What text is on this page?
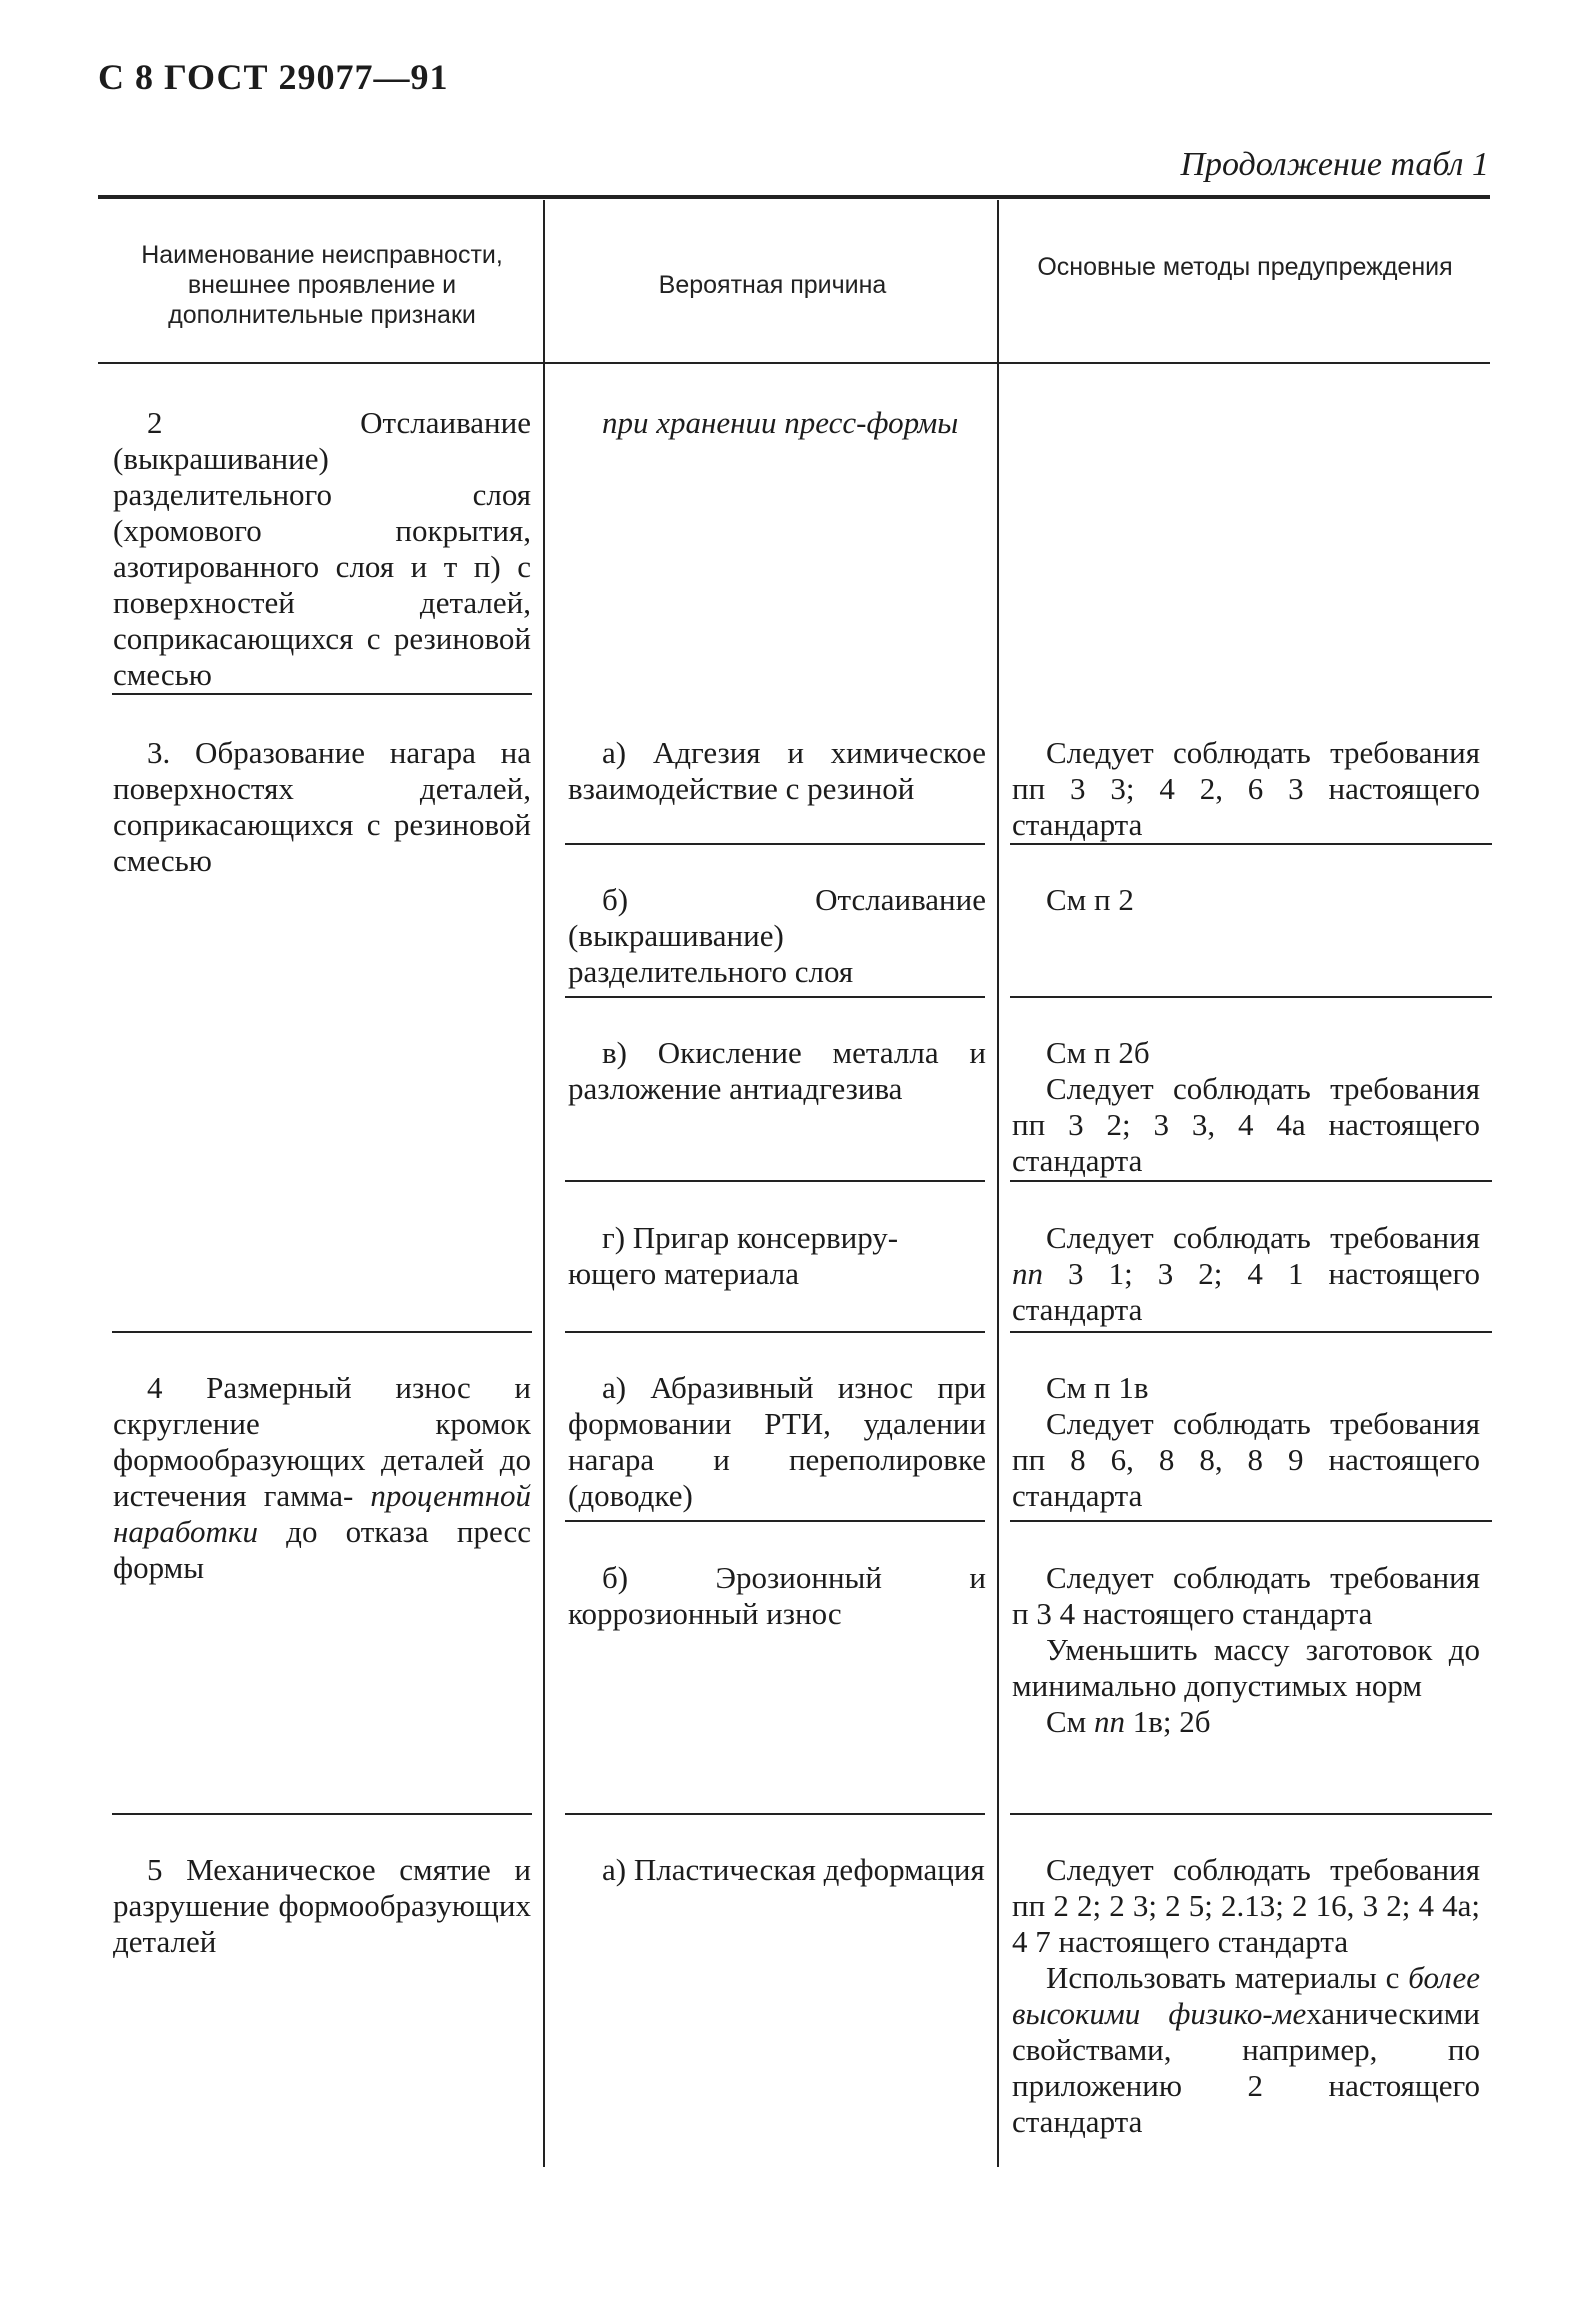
С 8 ГОСТ 29077—91
Продолжение табл 1
Наименование неисправности, внешнее проявление и дополнительные признаки
Вероятная причина
Основные методы предупреждения
2 Отслаивание (выкрашивание) разделительного слоя (хромового покрытия, азотированного слоя и т п) с поверхностей деталей, соприкасающихся с резиновой смесью
при хранении пресс-формы
3. Образование нагара на поверхностях деталей, соприкасающихся с резиновой смесью
а) Адгезия и химическое взаимодействие с резиной
Следует соблюдать требования пп 3 3; 4 2, 6 3 настоящего стандарта
б) Отслаивание (выкрашивание) разделительного слоя
См п 2
в) Окисление металла и разложение антиадгезива
См п 2б
Следует соблюдать требования пп 3 2; 3 3, 4 4а настоящего стандарта
г) Пригар консервиру-
ющего материала
Следует соблюдать требования пп 3 1; 3 2; 4 1 настоящего стандарта
4 Размерный износ и скругление кромок формообразующих деталей до истечения гамма- процентной наработки до отказа пресс формы
а) Абразивный износ при формовании РТИ, удалении нагара и переполировке (доводке)
См п 1в
Следует соблюдать требования пп 8 6, 8 8, 8 9 настоящего стандарта
б) Эрозионный и коррозионный износ
Следует соблюдать требования п 3 4 настоящего стандарта
Уменьшить массу заготовок до минимально допустимых норм
См пп 1в; 2б
5 Механическое смятие и разрушение формообразующих деталей
а) Пластическая деформация	Следует соблюдать требования пп 2 2; 2 3; 2 5; 2.13; 2 16, 3 2; 4 4а; 4 7 настоящего стандарта
Использовать материалы с более высокими физико-механическими свойствами, например, по приложению 2 настоящего стандарта
